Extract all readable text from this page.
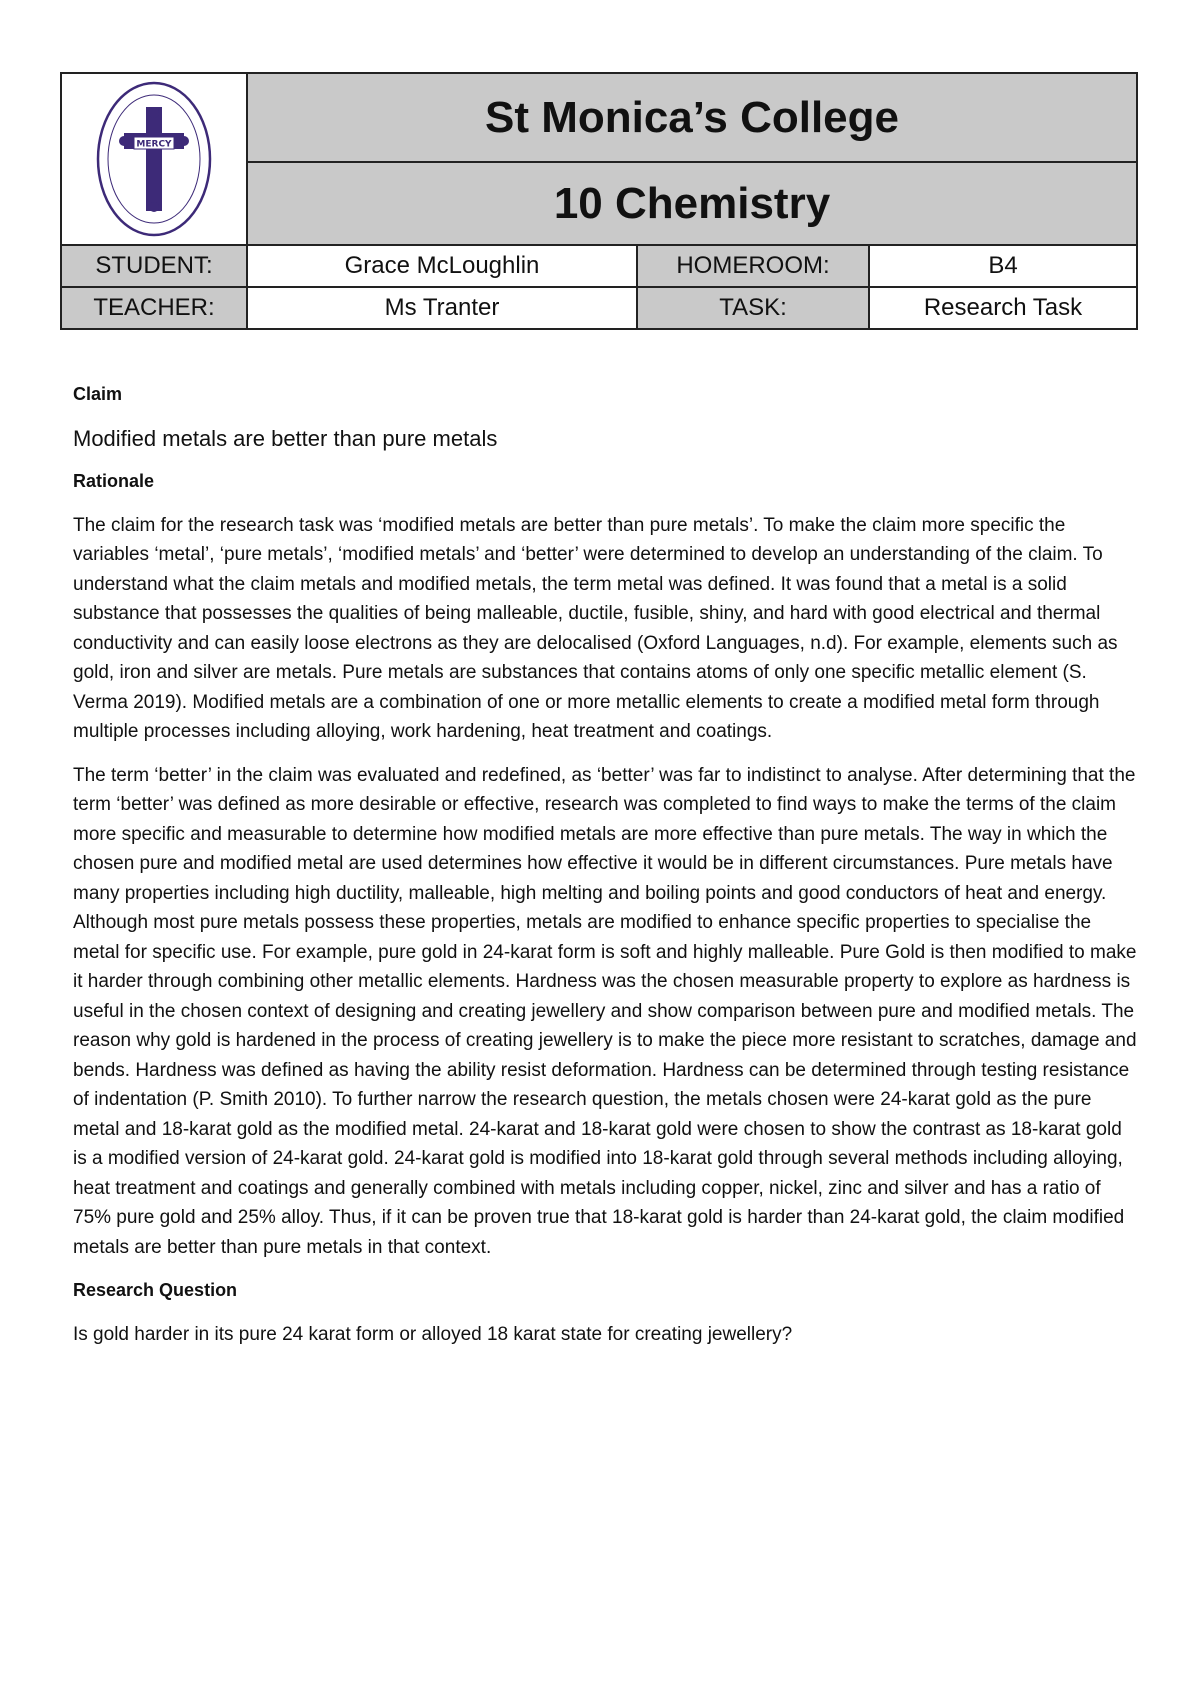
MERCY	St Monica’s College		
	10 Chemistry		
STUDENT:	Grace McLoughlin	HOMEROOM:	B4
TEACHER:	Ms Tranter	TASK:	Research Task

Claim

Modified metals are better than pure metals

Rationale

The claim for the research task was ‘modified metals are better than pure metals’. To make the claim more specific the variables ‘metal’, ‘pure metals’, ‘modified metals’ and ‘better’ were determined to develop an understanding of the claim. To understand what the claim metals and modified metals, the term metal was defined. It was found that a metal is a solid substance that possesses the qualities of being malleable, ductile, fusible, shiny, and hard with good electrical and thermal conductivity and can easily loose electrons as they are delocalised (Oxford Languages, n.d). For example, elements such as gold, iron and silver are metals. Pure metals are substances that contains atoms of only one specific metallic element (S. Verma 2019). Modified metals are a combination of one or more metallic elements to create a modified metal form through multiple processes including alloying, work hardening, heat treatment and coatings.

The term ‘better’ in the claim was evaluated and redefined, as ‘better’ was far to indistinct to analyse. After determining that the term ‘better’ was defined as more desirable or effective, research was completed to find ways to make the terms of the claim more specific and measurable to determine how modified metals are more effective than pure metals. The way in which the chosen pure and modified metal are used determines how effective it would be in different circumstances. Pure metals have many properties including high ductility, malleable, high melting and boiling points and good conductors of heat and energy. Although most pure metals possess these properties, metals are modified to enhance specific properties to specialise the metal for specific use. For example, pure gold in 24-karat form is soft and highly malleable. Pure Gold is then modified to make it harder through combining other metallic elements. Hardness was the chosen measurable property to explore as hardness is useful in the chosen context of designing and creating jewellery and show comparison between pure and modified metals. The reason why gold is hardened in the process of creating jewellery is to make the piece more resistant to scratches, damage and bends. Hardness was defined as having the ability resist deformation. Hardness can be determined through testing resistance of indentation (P. Smith 2010). To further narrow the research question, the metals chosen were 24-karat gold as the pure metal and 18-karat gold as the modified metal. 24-karat and 18-karat gold were chosen to show the contrast as 18-karat gold is a modified version of 24-karat gold. 24-karat gold is modified into 18-karat gold through several methods including alloying, heat treatment and coatings and generally combined with metals including copper, nickel, zinc and silver and has a ratio of 75% pure gold and 25% alloy. Thus, if it can be proven true that 18-karat gold is harder than 24-karat gold, the claim modified metals are better than pure metals in that context.

Research Question

Is gold harder in its pure 24 karat form or alloyed 18 karat state for creating jewellery?
